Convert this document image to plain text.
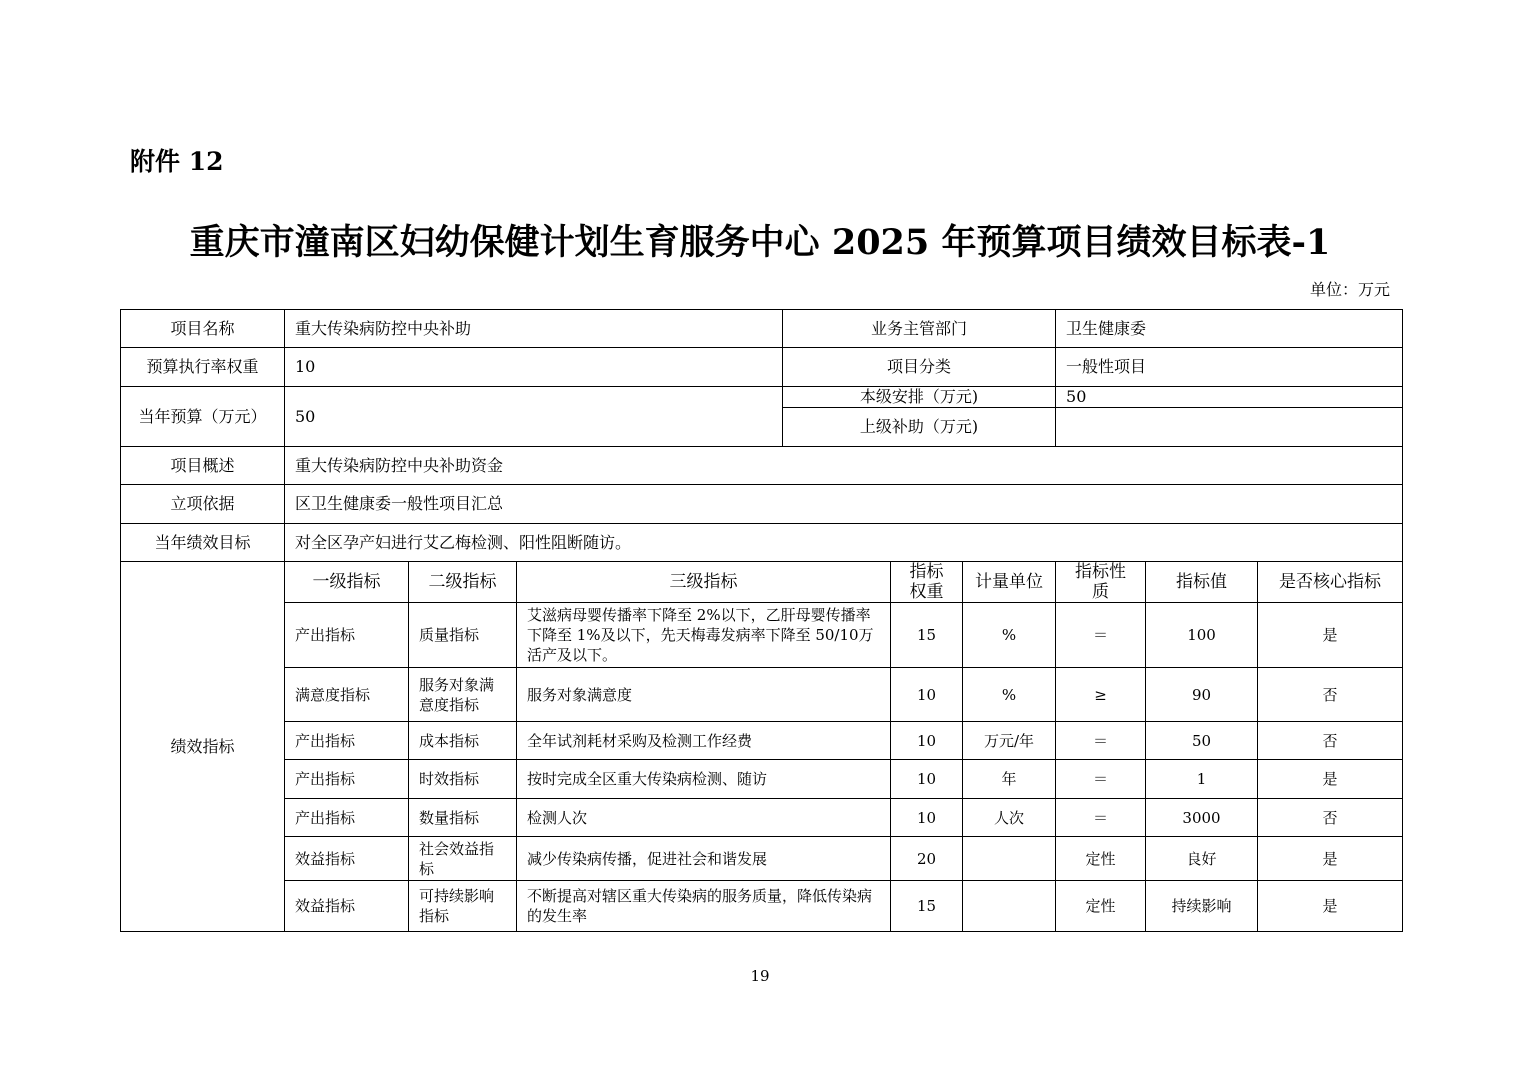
附件 12
重庆市潼南区妇幼保健计划生育服务中心 2025 年预算项目绩效目标表-1
单位：万元
项目名称	重大传染病防控中央补助			业务主管部门			卫生健康委		
预算执行率权重	10			项目分类			一般性项目		
当年预算（万元）	50			本级安排（万元)			50		
				上级补助（万元)					
项目概述	重大传染病防控中央补助资金								
立项依据	区卫生健康委一般性项目汇总								
当年绩效目标	对全区孕产妇进行艾乙梅检测、阳性阻断随访。								
绩效指标	一级指标	二级指标	三级指标		指标权重	计量单位	指标性质	指标值	是否核心指标
	产出指标	质量指标	艾滋病母婴传播率下降至 2%以下，乙肝母婴传播率下降至 1%及以下，先天梅毒发病率下降至 50/10万活产及以下。		15	%	＝	100	是
	满意度指标	服务对象满意度指标	服务对象满意度		10	%	≥	90	否
	产出指标	成本指标	全年试剂耗材采购及检测工作经费		10	万元/年	＝	50	否
	产出指标	时效指标	按时完成全区重大传染病检测、随访		10	年	＝	1	是
	产出指标	数量指标	检测人次		10	人次	＝	3000	否
	效益指标	社会效益指标	减少传染病传播，促进社会和谐发展		20		定性	良好	是
	效益指标	可持续影响指标	不断提高对辖区重大传染病的服务质量，降低传染病的发生率		15		定性	持续影响	是
19
